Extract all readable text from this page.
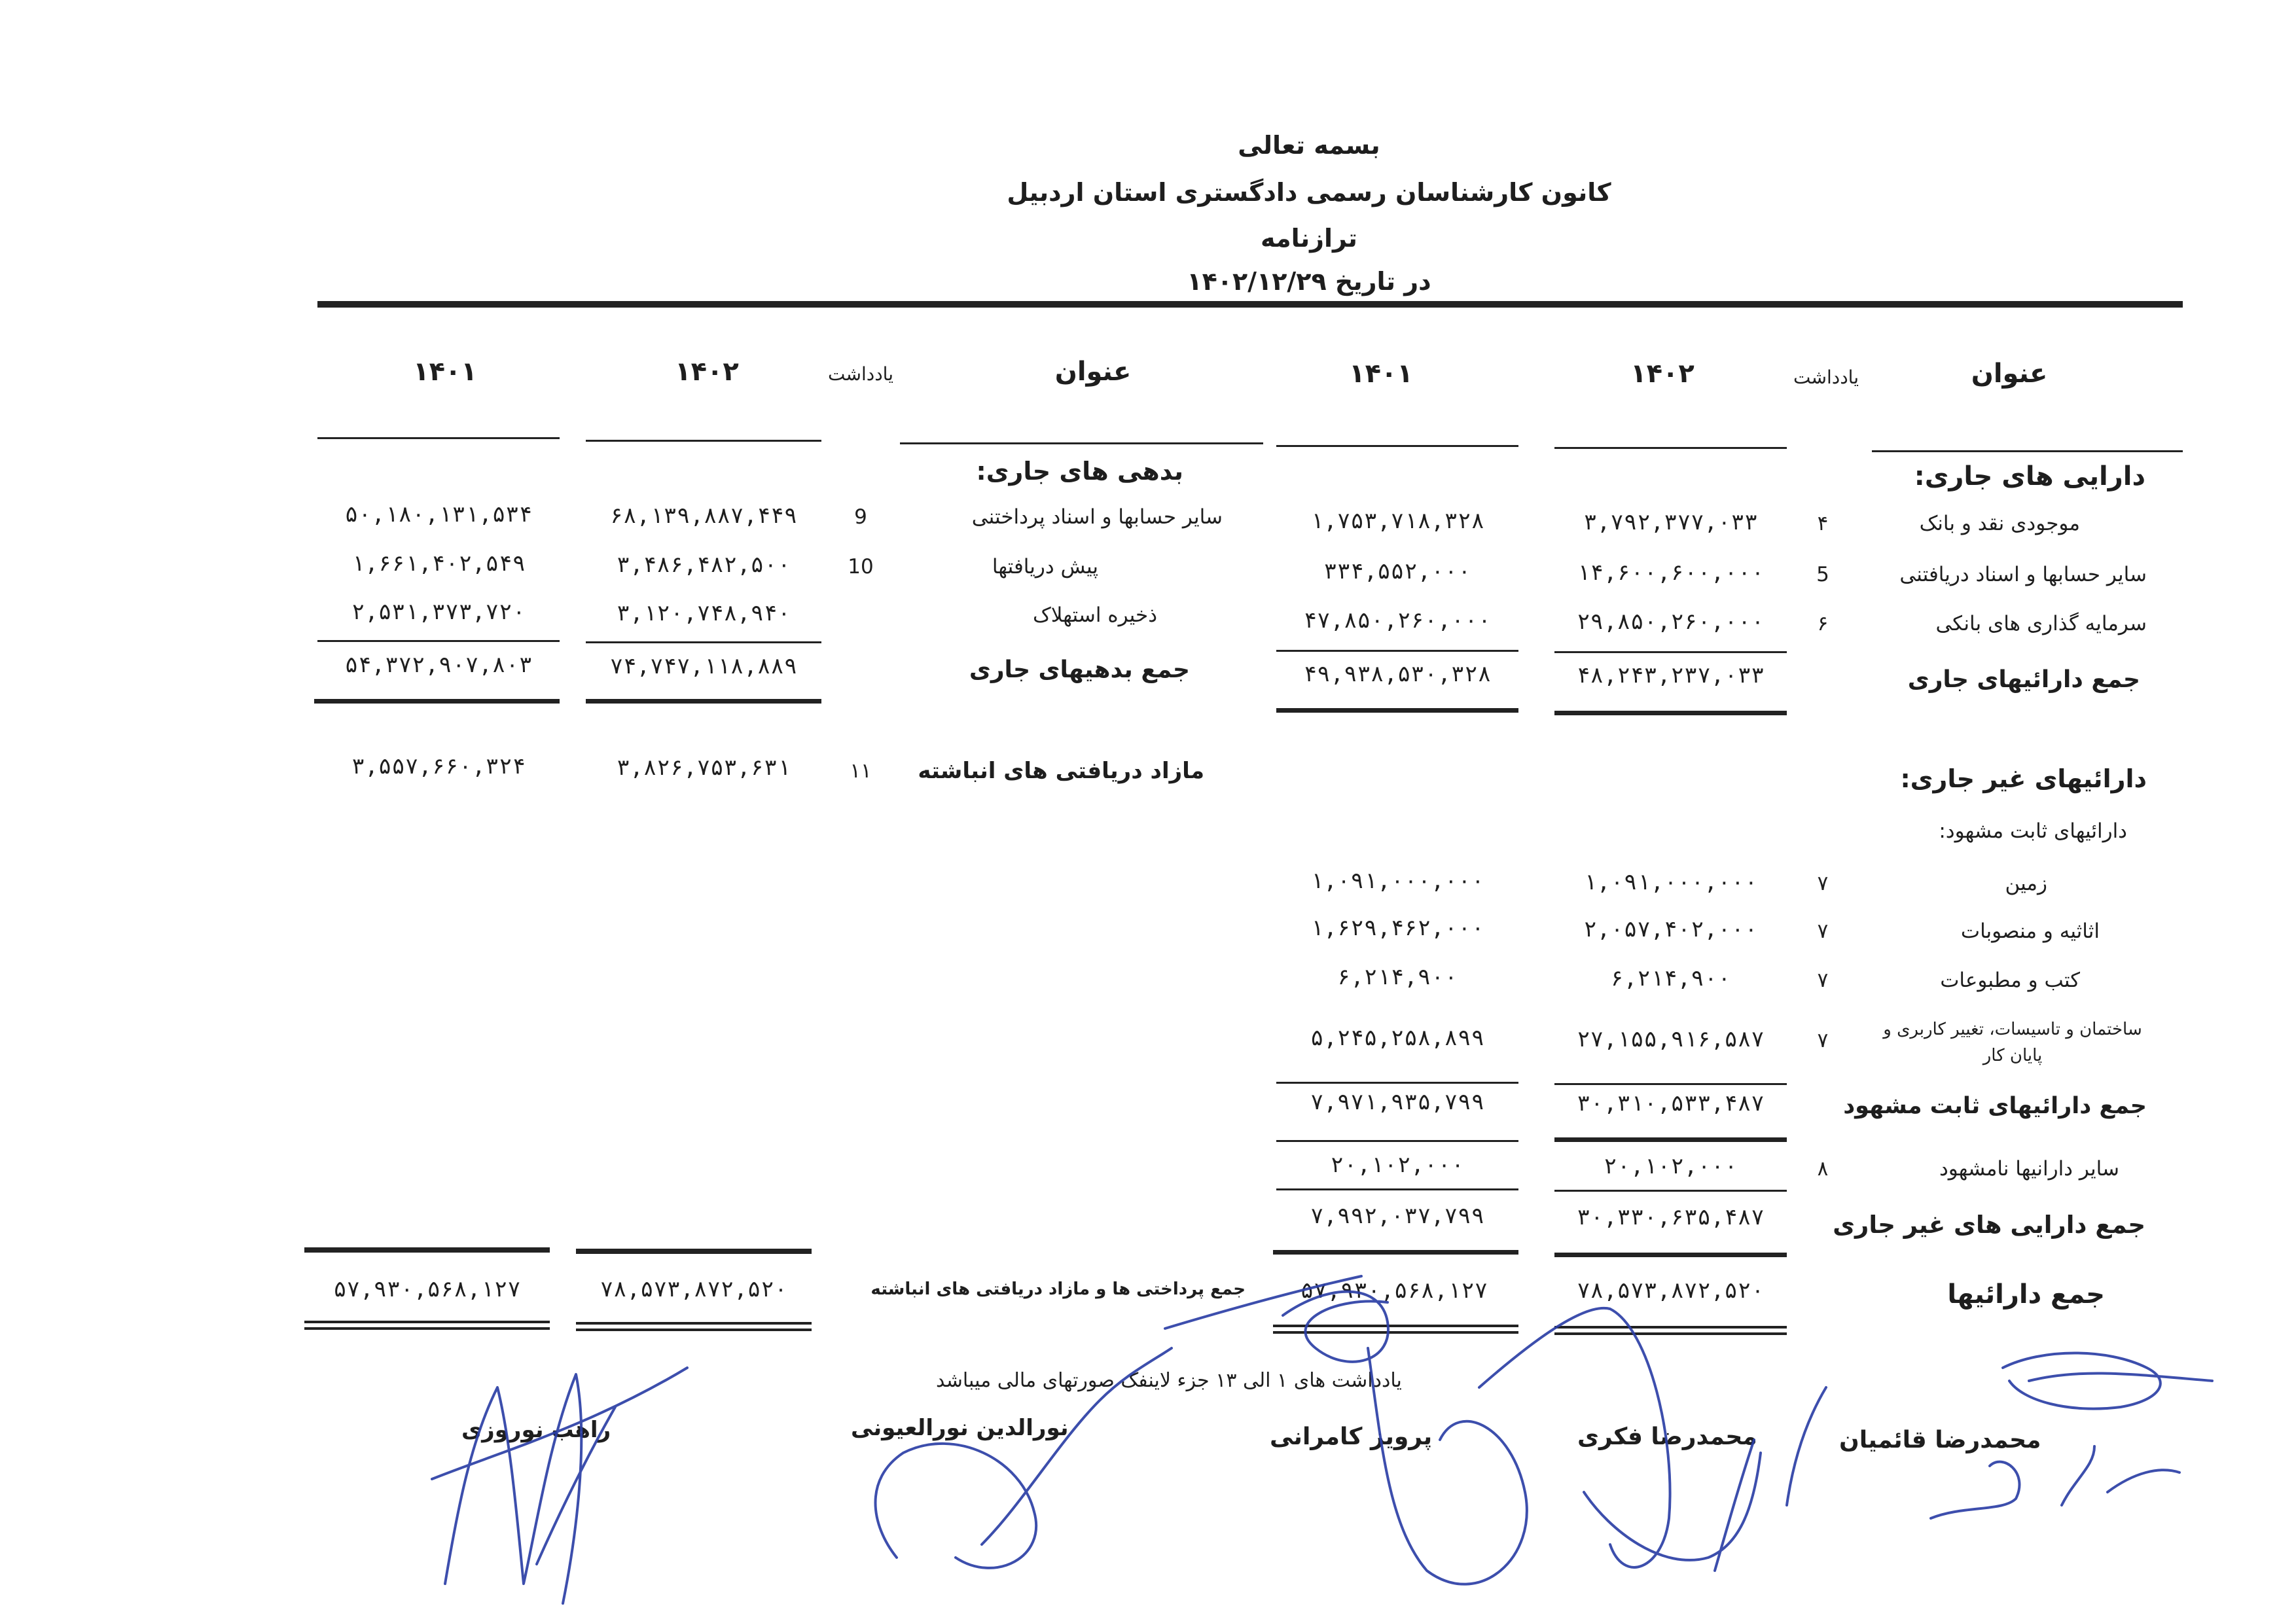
بسمه تعالی
کانون کارشناسان رسمی دادگستری استان اردبیل
ترازنامه
در تاریخ ۱۴۰۲/۱۲/۲۹
عنوان
یادداشت
۱۴۰۲
۱۴۰۱
عنوان
یادداشت
۱۴۰۲
۱۴۰۱
دارایی های جاری:
موجودی نقد و بانک
۴
۳,۷۹۲,۳۷۷,۰۳۳
۱,۷۵۳,۷۱۸,۳۲۸
سایر حسابها و اسناد دریافتنی
5
۱۴,۶۰۰,۶۰۰,۰۰۰
۳۳۴,۵۵۲,۰۰۰
سرمایه گذاری های بانکی
۶
۲۹,۸۵۰,۲۶۰,۰۰۰
۴۷,۸۵۰,۲۶۰,۰۰۰
جمع دارائیهای جاری
۴۸,۲۴۳,۲۳۷,۰۳۳
۴۹,۹۳۸,۵۳۰,۳۲۸
دارائیهای غیر جاری:
دارائیهای ثابت مشهود:
زمین
۷
۱,۰۹۱,۰۰۰,۰۰۰
۱,۰۹۱,۰۰۰,۰۰۰
اثاثیه و منصوبات
۷
۲,۰۵۷,۴۰۲,۰۰۰
۱,۶۲۹,۴۶۲,۰۰۰
کتب و مطبوعات
۷
۶,۲۱۴,۹۰۰
۶,۲۱۴,۹۰۰
ساختمان و تاسیسات، تغییر کاربری و پایان کار
۷
۲۷,۱۵۵,۹۱۶,۵۸۷
۵,۲۴۵,۲۵۸,۸۹۹
جمع دارائیهای ثابت مشهود
۳۰,۳۱۰,۵۳۳,۴۸۷
۷,۹۷۱,۹۳۵,۷۹۹
سایر دارانیها نامشهود
۸
۲۰,۱۰۲,۰۰۰
۲۰,۱۰۲,۰۰۰
جمع دارایی های غیر جاری
۳۰,۳۳۰,۶۳۵,۴۸۷
۷,۹۹۲,۰۳۷,۷۹۹
جمع دارائیها
۷۸,۵۷۳,۸۷۲,۵۲۰
۵۷,۹۳۰,۵۶۸,۱۲۷
بدهی های جاری:
سایر حسابها و اسناد پرداختنی
9
۶۸,۱۳۹,۸۸۷,۴۴۹
۵۰,۱۸۰,۱۳۱,۵۳۴
پیش دریافتها
10
۳,۴۸۶,۴۸۲,۵۰۰
۱,۶۶۱,۴۰۲,۵۴۹
ذخیره استهلاک
۳,۱۲۰,۷۴۸,۹۴۰
۲,۵۳۱,۳۷۳,۷۲۰
جمع بدهیهای جاری
۷۴,۷۴۷,۱۱۸,۸۸۹
۵۴,۳۷۲,۹۰۷,۸۰۳
مازاد دریافتی های انباشته
۱۱
۳,۸۲۶,۷۵۳,۶۳۱
۳,۵۵۷,۶۶۰,۳۲۴
جمع پرداختی ها و مازاد دریافتی های انباشته
۷۸,۵۷۳,۸۷۲,۵۲۰
۵۷,۹۳۰,۵۶۸,۱۲۷
یادداشت های ۱ الی ۱۳ جزء لاینفک صورتهای مالی میباشد
محمدرضا قائمیان
محمدرضا فکری
پرویز کامرانی
نورالدین نورالعیونی
راهب نوروزی
